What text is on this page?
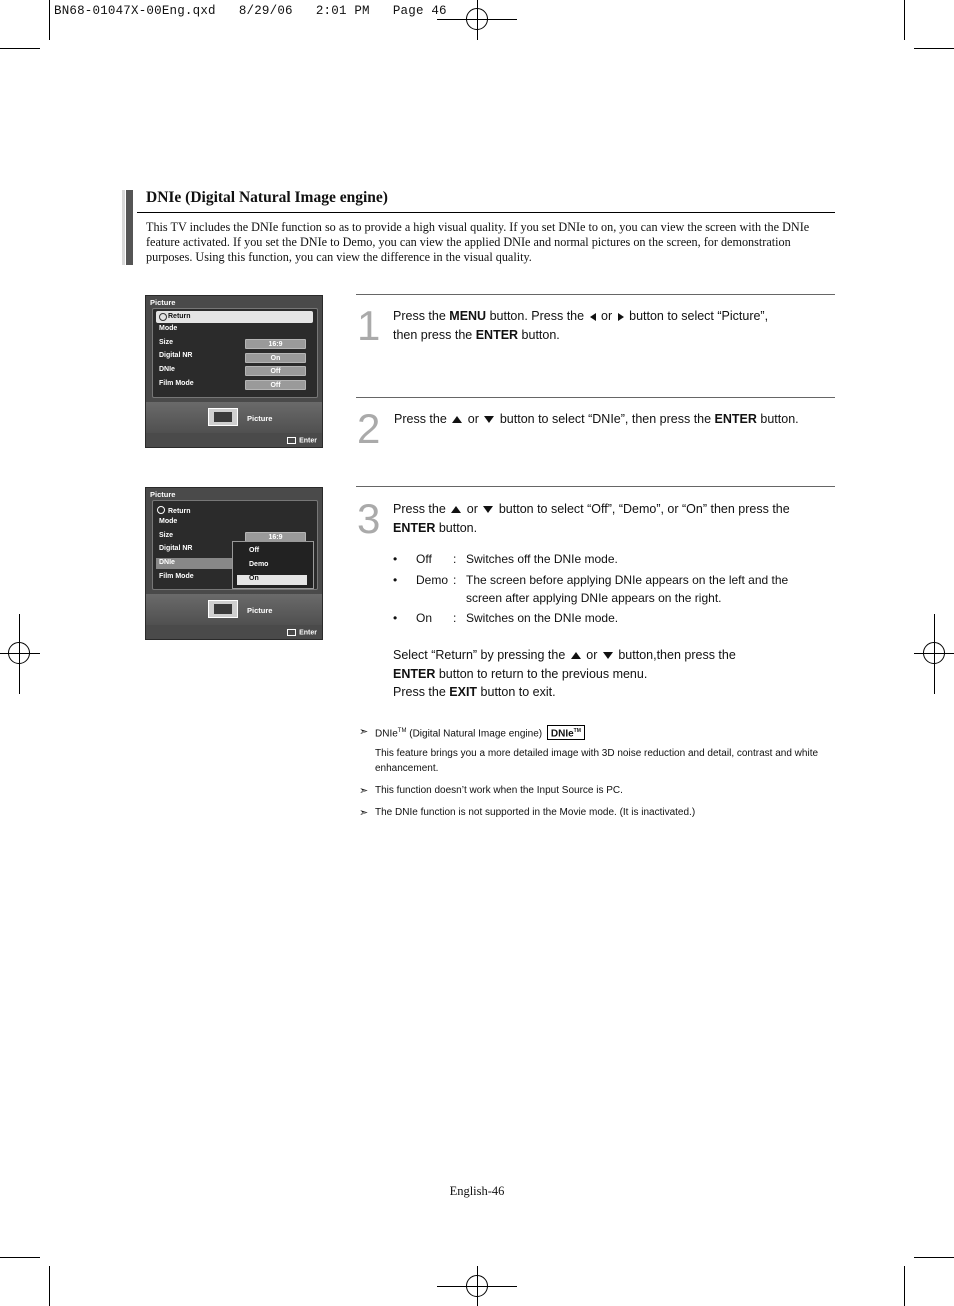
BN68-01047X-00Eng.qxd   8/29/06   2:01 PM   Page 46
DNIe (Digital Natural Image engine)
This TV includes the DNIe function so as to provide a high visual quality. If you set DNIe to on, you can view the screen with the DNIe feature activated. If you set the DNIe to Demo, you can view the applied DNIe and normal pictures on the screen, for demonstration purposes. Using this function, you can view the difference in the visual quality.
Picture
Return
Mode
Size
Digital NR
DNIe
Film Mode
16:9
On
Off
Off
Picture
Enter
Picture
Return
Mode
Size
Digital NR
DNIe
Film Mode
16:9
Off
Demo
On
Picture
Enter
1 Press the MENU button. Press the  or  button to select “Picture”,
then press the ENTER button.
2 Press the  or  button to select “DNIe”, then press the ENTER button.
3 Press the  or  button to select “Off”, “Demo”, or “On” then press the
ENTER button.
• Off : Switches off the DNIe mode.
• Demo : The screen before applying DNIe appears on the left and the
screen after applying DNIe appears on the right.
• On : Switches on the DNIe mode.
Select “Return” by pressing the  or  button,then press the
ENTER button to return to the previous menu.
Press the EXIT button to exit.
➣ DNIe™ (Digital Natural Image engine) DNIe™
This feature brings you a more detailed image with 3D noise reduction and detail, contrast and white enhancement.
➣ This function doesn’t work when the Input Source is PC.
➣ The DNIe function is not supported in the Movie mode. (It is inactivated.)
English-46
